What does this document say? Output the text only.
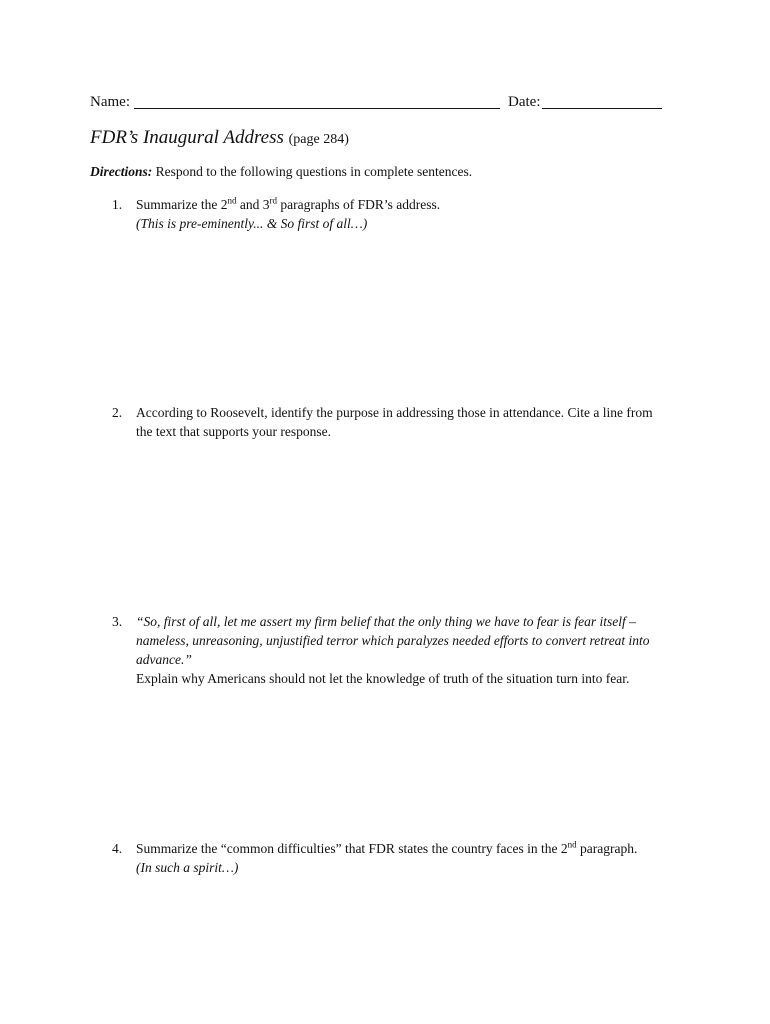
Name:	Date:
FDR’s Inaugural Address (page 284)
Directions: Respond to the following questions in complete sentences.
1.	Summarize the 2nd and 3rd paragraphs of FDR’s address.

(This is pre-eminently... & So first of all…)

2.	According to Roosevelt, identify the purpose in addressing those in attendance. Cite a line from the text that supports your response.

3.	“So, first of all, let me assert my firm belief that the only thing we have to fear is fear itself – nameless, unreasoning, unjustified terror which paralyzes needed efforts to convert retreat into advance.”

Explain why Americans should not let the knowledge of truth of the situation turn into fear.

4.	Summarize the “common difficulties” that FDR states the country faces in the 2nd paragraph.

(In such a spirit…)
